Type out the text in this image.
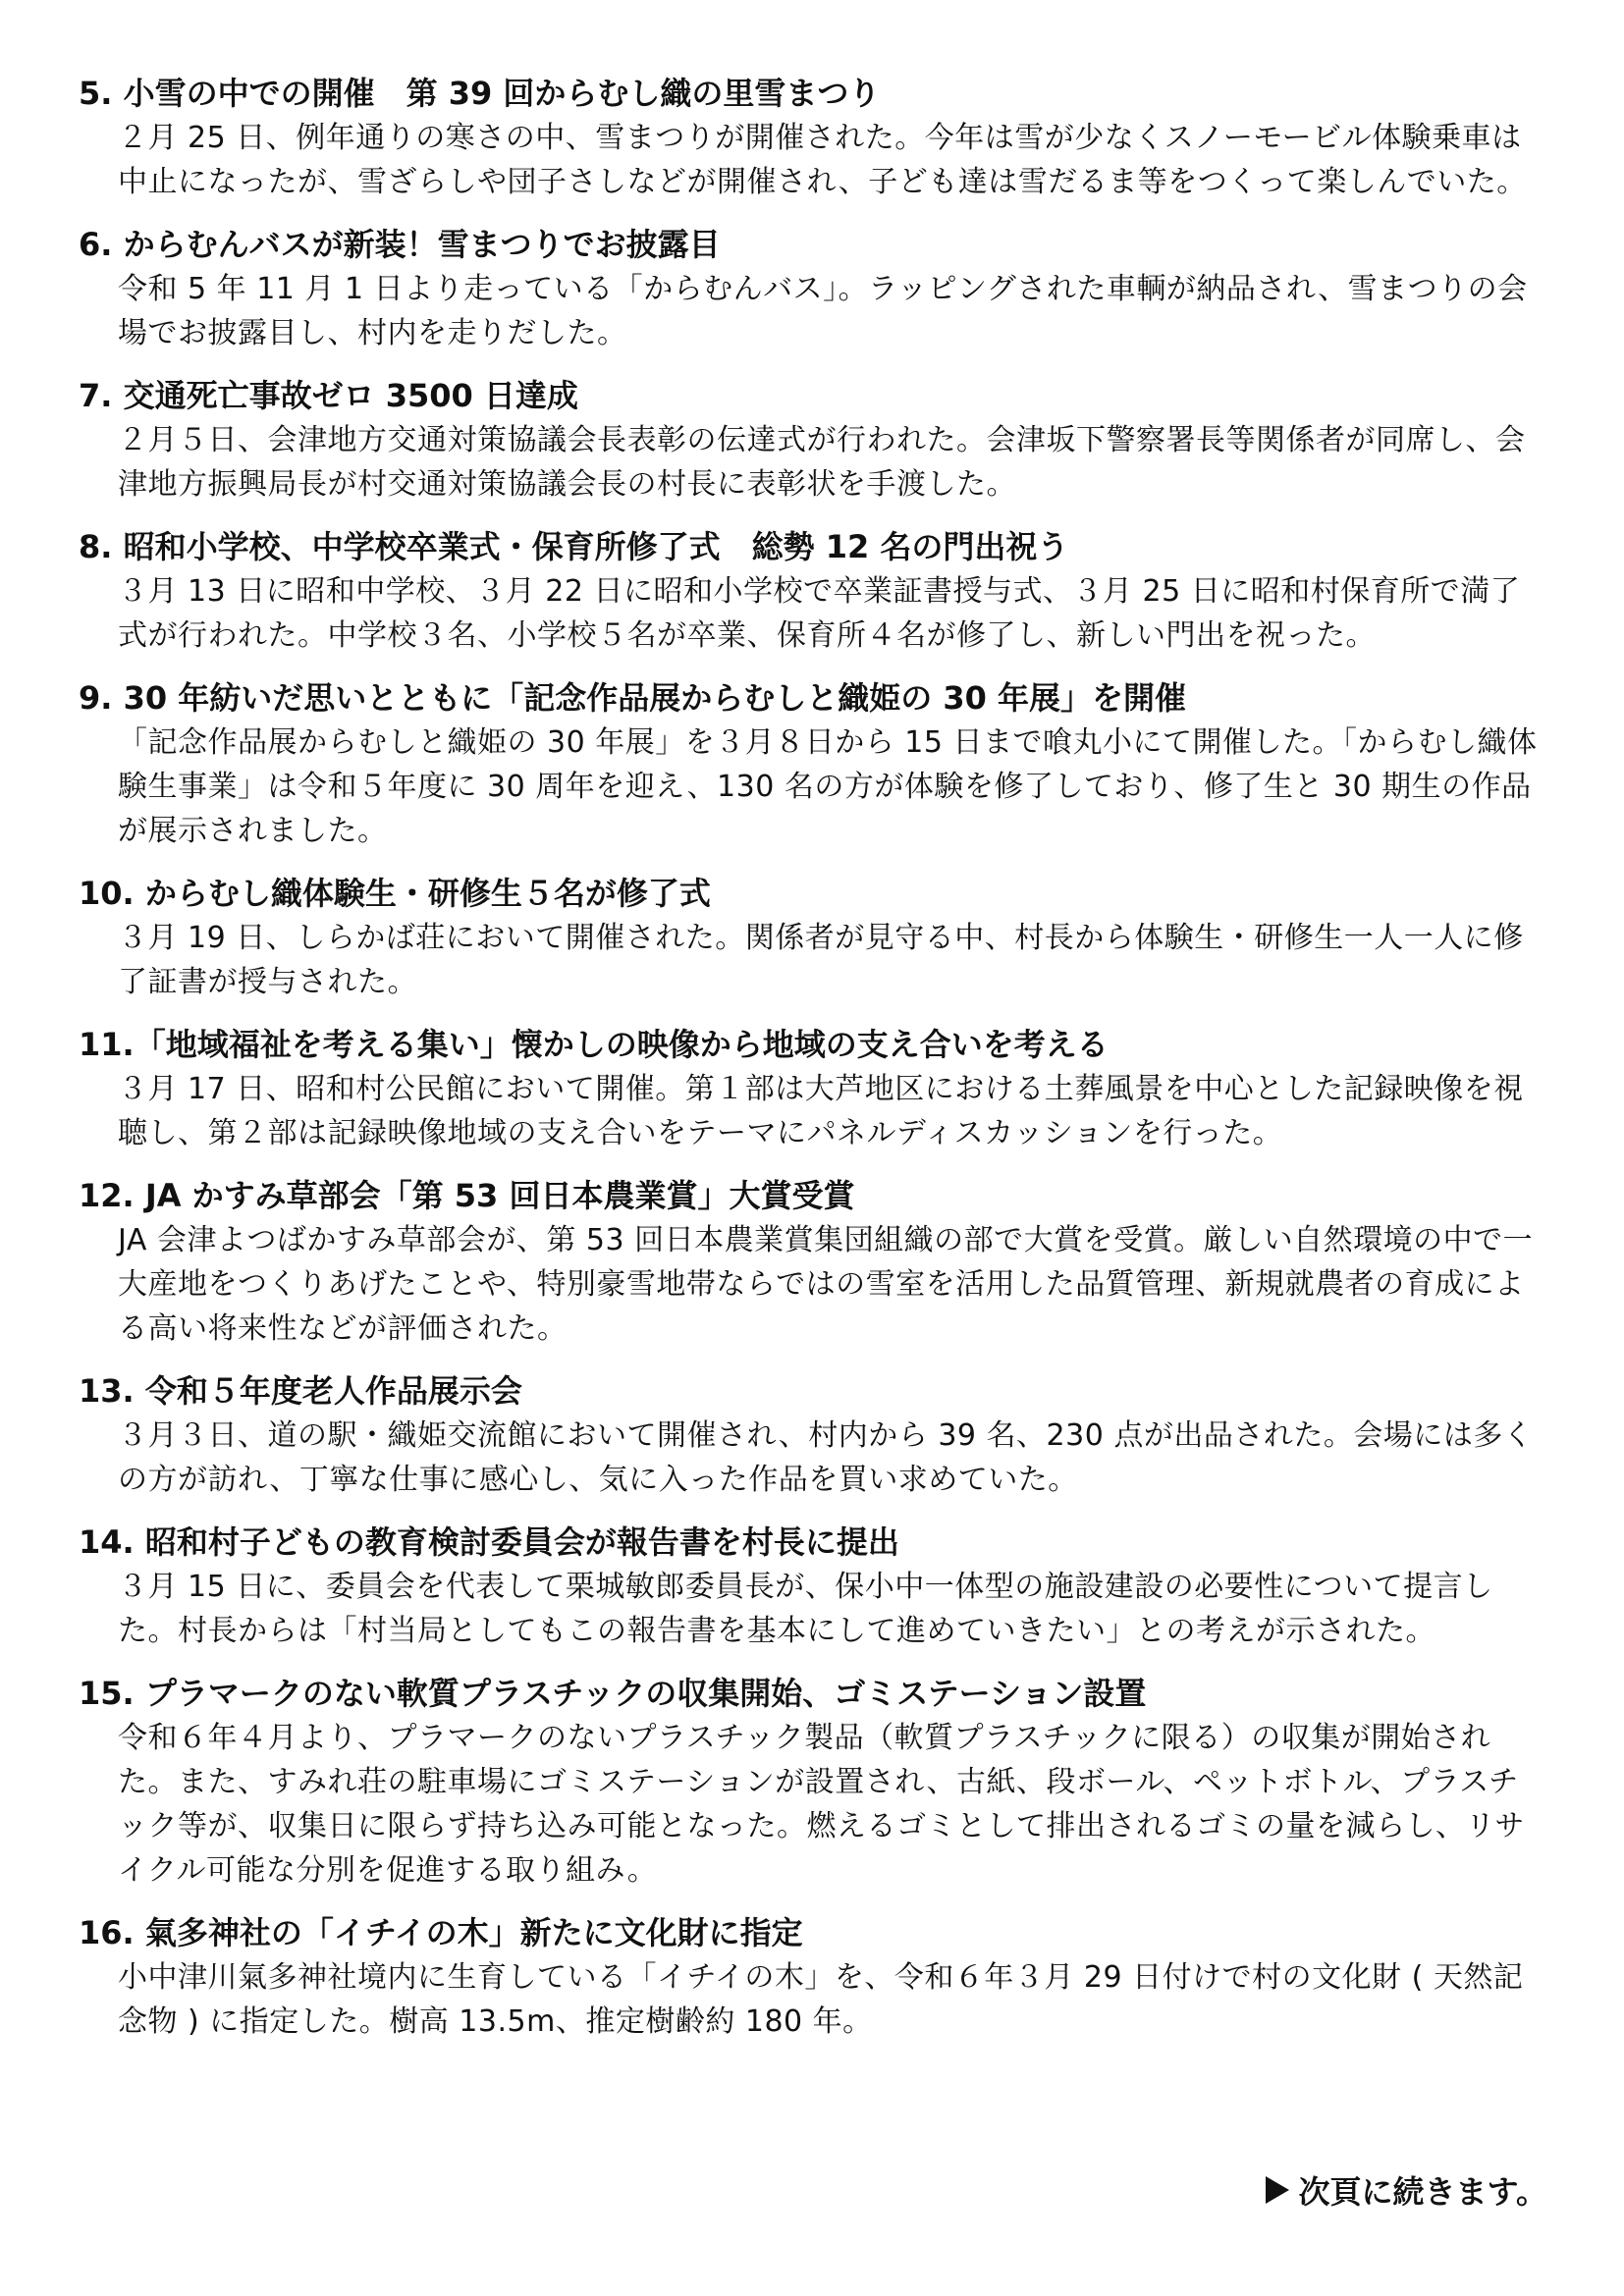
5. 小雪の中での開催　第 39 回からむし織の里雪まつり

２月 25 日、例年通りの寒さの中、雪まつりが開催された。今年は雪が少なくスノーモービル体験乗車は中止になったが、雪ざらしや団子さしなどが開催され、子ども達は雪だるま等をつくって楽しんでいた。

6. からむんバスが新装！雪まつりでお披露目

令和 5 年 11 月 1 日より走っている「からむんバス」。ラッピングされた車輌が納品され、雪まつりの会場でお披露目し、村内を走りだした。

7. 交通死亡事故ゼロ 3500 日達成

２月５日、会津地方交通対策協議会長表彰の伝達式が行われた。会津坂下警察署長等関係者が同席し、会津地方振興局長が村交通対策協議会長の村長に表彰状を手渡した。

8. 昭和小学校、中学校卒業式・保育所修了式　総勢 12 名の門出祝う

３月 13 日に昭和中学校、３月 22 日に昭和小学校で卒業証書授与式、３月 25 日に昭和村保育所で満了式が行われた。中学校３名、小学校５名が卒業、保育所４名が修了し、新しい門出を祝った。

9. 30 年紡いだ思いとともに「記念作品展からむしと織姫の 30 年展」を開催

「記念作品展からむしと織姫の 30 年展」を３月８日から 15 日まで喰丸小にて開催した。「からむし織体験生事業」は令和５年度に 30 周年を迎え、130 名の方が体験を修了しており、修了生と 30 期生の作品が展示されました。

10. からむし織体験生・研修生５名が修了式

３月 19 日、しらかば荘において開催された。関係者が見守る中、村長から体験生・研修生一人一人に修了証書が授与された。

11.「地域福祉を考える集い」懐かしの映像から地域の支え合いを考える

３月 17 日、昭和村公民館において開催。第１部は大芦地区における土葬風景を中心とした記録映像を視聴し、第２部は記録映像地域の支え合いをテーマにパネルディスカッションを行った。

12. JA かすみ草部会「第 53 回日本農業賞」大賞受賞

JA 会津よつばかすみ草部会が、第 53 回日本農業賞集団組織の部で大賞を受賞。厳しい自然環境の中で一大産地をつくりあげたことや、特別豪雪地帯ならではの雪室を活用した品質管理、新規就農者の育成による高い将来性などが評価された。

13. 令和５年度老人作品展示会

３月３日、道の駅・織姫交流館において開催され、村内から 39 名、230 点が出品された。会場には多くの方が訪れ、丁寧な仕事に感心し、気に入った作品を買い求めていた。

14. 昭和村子どもの教育検討委員会が報告書を村長に提出

３月 15 日に、委員会を代表して栗城敏郎委員長が、保小中一体型の施設建設の必要性について提言した。村長からは「村当局としてもこの報告書を基本にして進めていきたい」との考えが示された。

15. プラマークのない軟質プラスチックの収集開始、ゴミステーション設置

令和６年４月より、プラマークのないプラスチック製品（軟質プラスチックに限る）の収集が開始された。また、すみれ荘の駐車場にゴミステーションが設置され、古紙、段ボール、ペットボトル、プラスチック等が、収集日に限らず持ち込み可能となった。燃えるゴミとして排出されるゴミの量を減らし、リサイクル可能な分別を促進する取り組み。

16. 氣多神社の「イチイの木」新たに文化財に指定

小中津川氣多神社境内に生育している「イチイの木」を、令和６年３月 29 日付けで村の文化財 ( 天然記念物 ) に指定した。樹高 13.5m、推定樹齢約 180 年。

次頁に続きます。
